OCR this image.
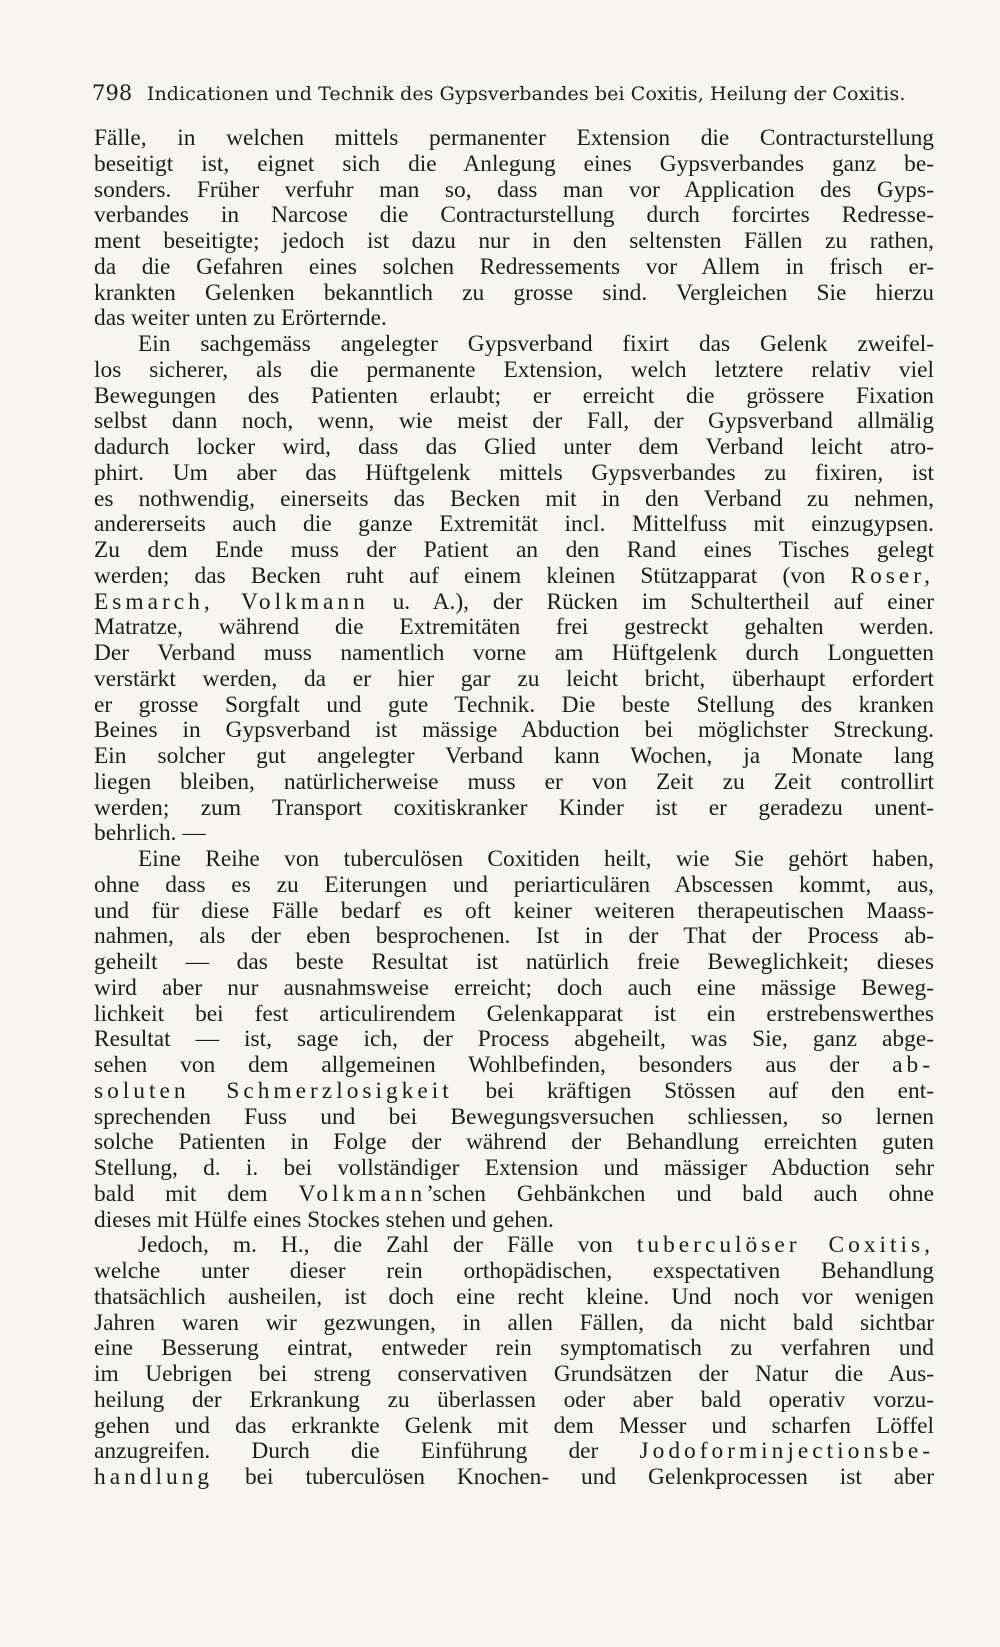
798 Indicationen und Technik des Gypsverbandes bei Coxitis, Heilung der Coxitis.
Fälle, in welchen mittels permanenter Extension die Contracturstellung
beseitigt ist, eignet sich die Anlegung eines Gypsverbandes ganz be-
sonders. Früher verfuhr man so, dass man vor Application des Gyps-
verbandes in Narcose die Contracturstellung durch forcirtes Redresse-
ment beseitigte; jedoch ist dazu nur in den seltensten Fällen zu rathen,
da die Gefahren eines solchen Redressements vor Allem in frisch er-
krankten Gelenken bekanntlich zu grosse sind. Vergleichen Sie hierzu
das weiter unten zu Erörternde.
Ein sachgemäss angelegter Gypsverband fixirt das Gelenk zweifel-
los sicherer, als die permanente Extension, welch letztere relativ viel
Bewegungen des Patienten erlaubt; er erreicht die grössere Fixation
selbst dann noch, wenn, wie meist der Fall, der Gypsverband allmälig
dadurch locker wird, dass das Glied unter dem Verband leicht atro-
phirt. Um aber das Hüftgelenk mittels Gypsverbandes zu fixiren, ist
es nothwendig, einerseits das Becken mit in den Verband zu nehmen,
andererseits auch die ganze Extremität incl. Mittelfuss mit einzugypsen.
Zu dem Ende muss der Patient an den Rand eines Tisches gelegt
werden; das Becken ruht auf einem kleinen Stützapparat (von Roser,
Esmarch, Volkmann u. A.), der Rücken im Schultertheil auf einer
Matratze, während die Extremitäten frei gestreckt gehalten werden.
Der Verband muss namentlich vorne am Hüftgelenk durch Longuetten
verstärkt werden, da er hier gar zu leicht bricht, überhaupt erfordert
er grosse Sorgfalt und gute Technik. Die beste Stellung des kranken
Beines in Gypsverband ist mässige Abduction bei möglichster Streckung.
Ein solcher gut angelegter Verband kann Wochen, ja Monate lang
liegen bleiben, natürlicherweise muss er von Zeit zu Zeit controllirt
werden; zum Transport coxitiskranker Kinder ist er geradezu unent-
behrlich. —
Eine Reihe von tuberculösen Coxitiden heilt, wie Sie gehört haben,
ohne dass es zu Eiterungen und periarticulären Abscessen kommt, aus,
und für diese Fälle bedarf es oft keiner weiteren therapeutischen Maass-
nahmen, als der eben besprochenen. Ist in der That der Process ab-
geheilt — das beste Resultat ist natürlich freie Beweglichkeit; dieses
wird aber nur ausnahmsweise erreicht; doch auch eine mässige Beweg-
lichkeit bei fest articulirendem Gelenkapparat ist ein erstrebenswerthes
Resultat — ist, sage ich, der Process abgeheilt, was Sie, ganz abge-
sehen von dem allgemeinen Wohlbefinden, besonders aus der ab-
soluten Schmerzlosigkeit bei kräftigen Stössen auf den ent-
sprechenden Fuss und bei Bewegungsversuchen schliessen, so lernen
solche Patienten in Folge der während der Behandlung erreichten guten
Stellung, d. i. bei vollständiger Extension und mässiger Abduction sehr
bald mit dem Volkmann’schen Gehbänkchen und bald auch ohne
dieses mit Hülfe eines Stockes stehen und gehen.
Jedoch, m. H., die Zahl der Fälle von tuberculöser Coxitis,
welche unter dieser rein orthopädischen, exspectativen Behandlung
thatsächlich ausheilen, ist doch eine recht kleine. Und noch vor wenigen
Jahren waren wir gezwungen, in allen Fällen, da nicht bald sichtbar
eine Besserung eintrat, entweder rein symptomatisch zu verfahren und
im Uebrigen bei streng conservativen Grundsätzen der Natur die Aus-
heilung der Erkrankung zu überlassen oder aber bald operativ vorzu-
gehen und das erkrankte Gelenk mit dem Messer und scharfen Löffel
anzugreifen. Durch die Einführung der Jodoforminjectionsbe-
handlung bei tuberculösen Knochen- und Gelenkprocessen ist aber
